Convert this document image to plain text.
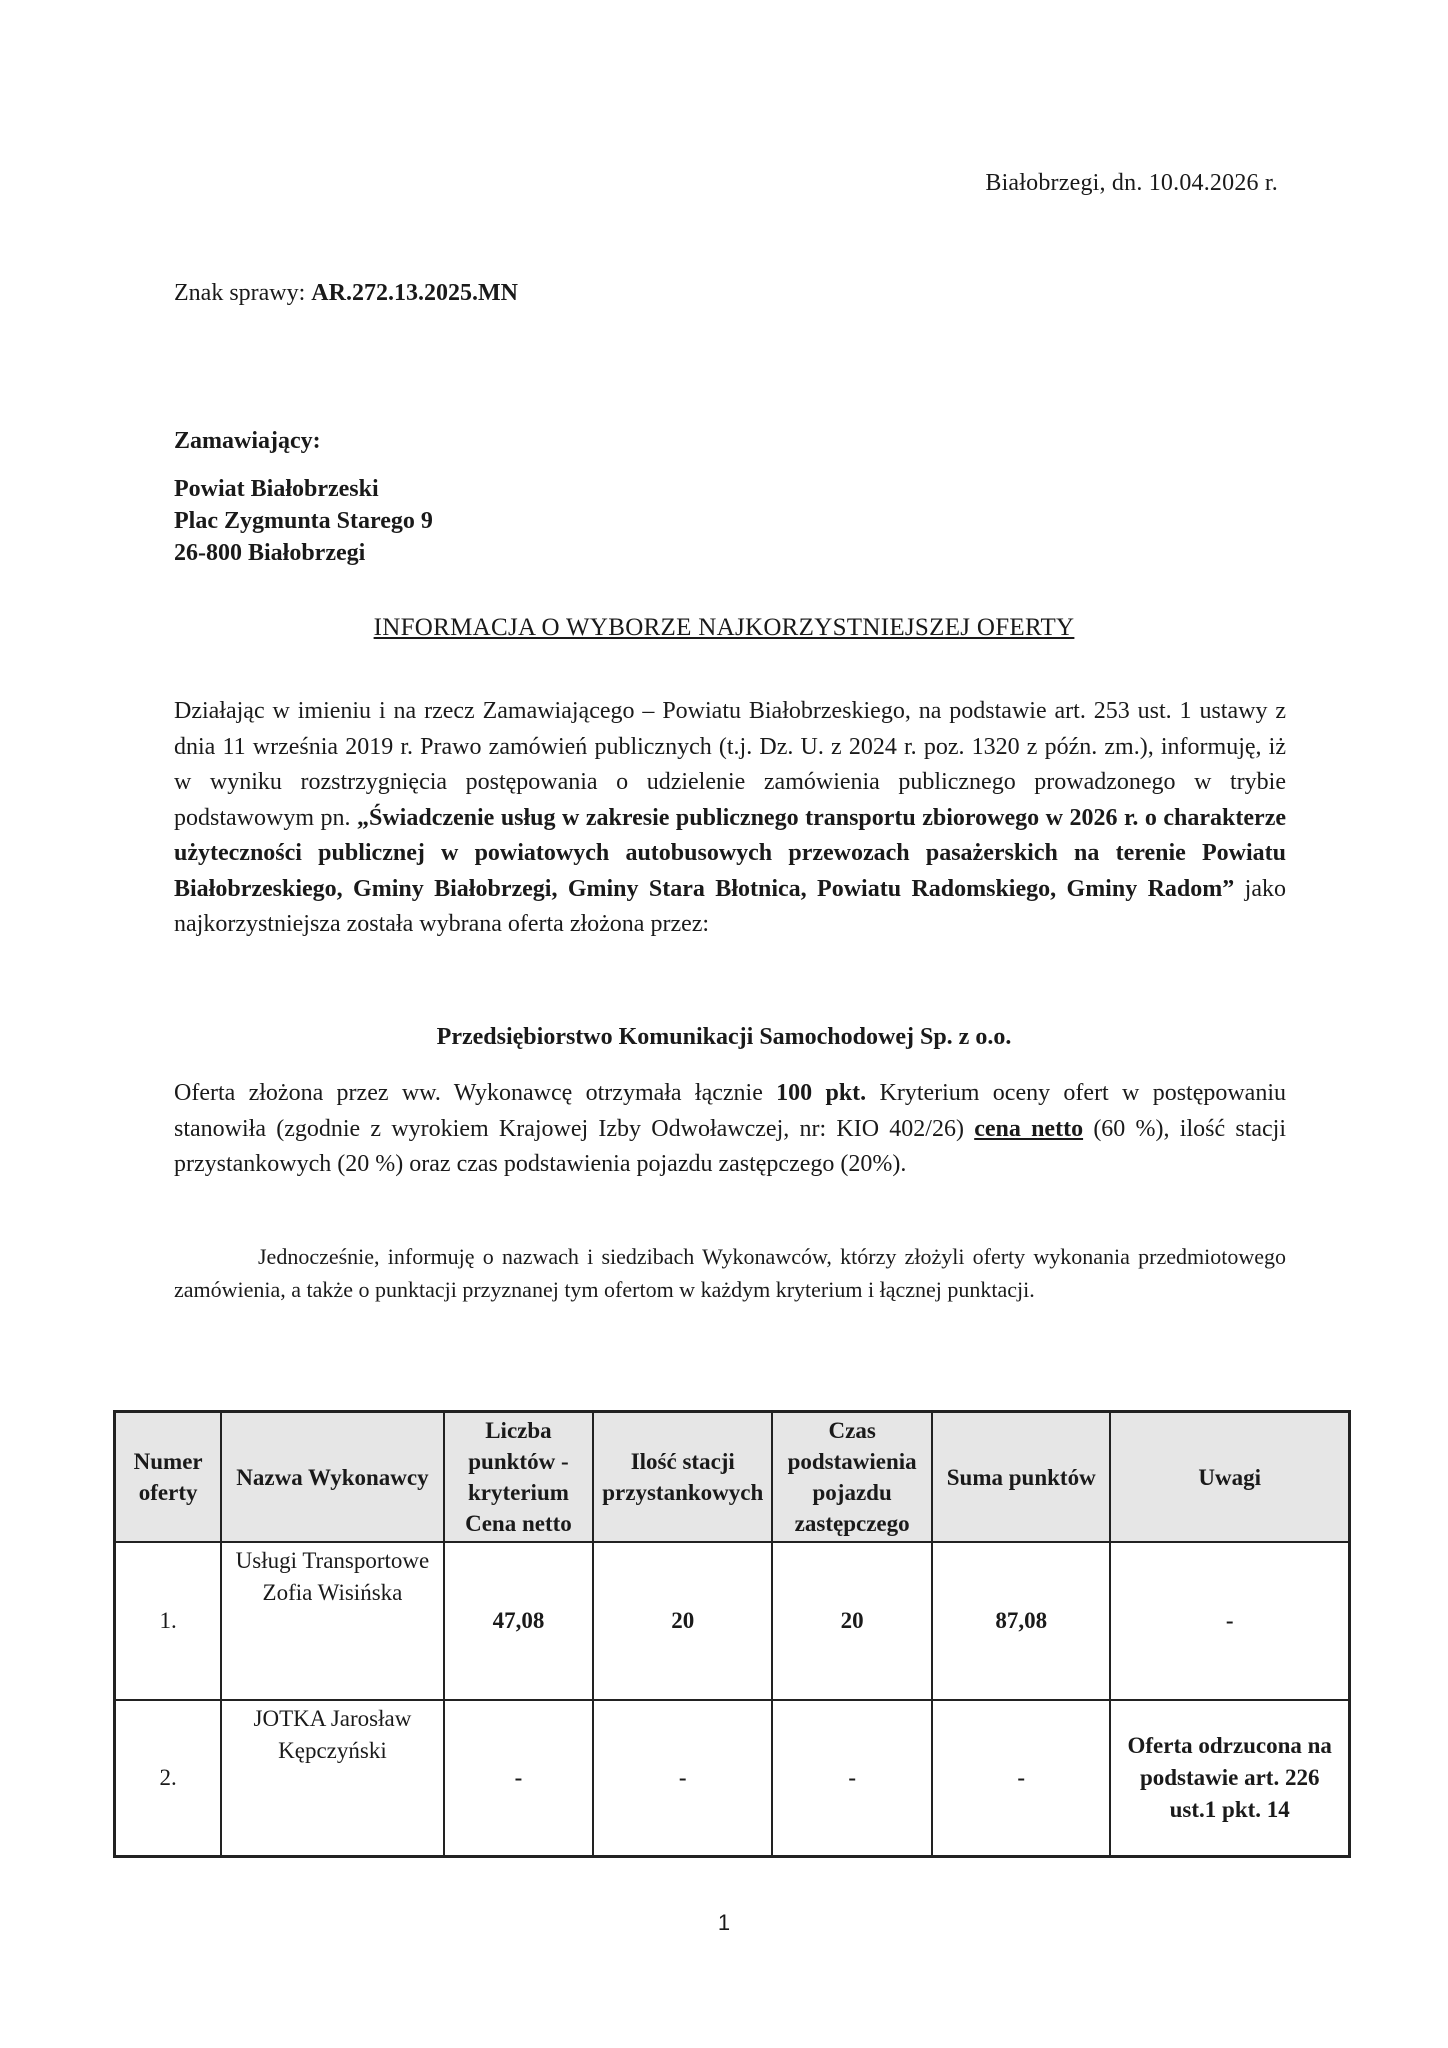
Białobrzegi, dn. 10.04.2026 r.
Znak sprawy: AR.272.13.2025.MN
Zamawiający:
Powiat Białobrzeski
Plac Zygmunta Starego 9
26-800 Białobrzegi
INFORMACJA O WYBORZE NAJKORZYSTNIEJSZEJ OFERTY
Działając w imieniu i na rzecz Zamawiającego – Powiatu Białobrzeskiego, na podstawie art. 253 ust. 1 ustawy z dnia 11 września 2019 r. Prawo zamówień publicznych (t.j. Dz. U. z 2024 r. poz. 1320 z późn. zm.), informuję, iż w wyniku rozstrzygnięcia postępowania o udzielenie zamówienia publicznego prowadzonego w trybie podstawowym pn. „Świadczenie usług w zakresie publicznego transportu zbiorowego w 2026 r. o charakterze użyteczności publicznej w powiatowych autobusowych przewozach pasażerskich na terenie Powiatu Białobrzeskiego, Gminy Białobrzegi, Gminy Stara Błotnica, Powiatu Radomskiego, Gminy Radom” jako najkorzystniejsza została wybrana oferta złożona przez:
Przedsiębiorstwo Komunikacji Samochodowej Sp. z o.o.
Oferta złożona przez ww. Wykonawcę otrzymała łącznie 100 pkt. Kryterium oceny ofert w postępowaniu stanowiła (zgodnie z wyrokiem Krajowej Izby Odwoławczej, nr: KIO 402/26) cena netto (60 %), ilość stacji przystankowych (20 %) oraz czas podstawienia pojazdu zastępczego (20%).
Jednocześnie, informuję o nazwach i siedzibach Wykonawców, którzy złożyli oferty wykonania przedmiotowego zamówienia, a także o punktacji przyznanej tym ofertom w każdym kryterium i łącznej punktacji.
Numer oferty	Nazwa Wykonawcy	Liczba punktów - kryterium Cena netto	Ilość stacji przystankowych	Czas podstawienia pojazdu zastępczego	Suma punktów	Uwagi
1.	Usługi Transportowe Zofia Wisińska	47,08	20	20	87,08	-
2.	JOTKA Jarosław Kępczyński	-	-	-	-	Oferta odrzucona na podstawie art. 226 ust.1 pkt. 14
1
